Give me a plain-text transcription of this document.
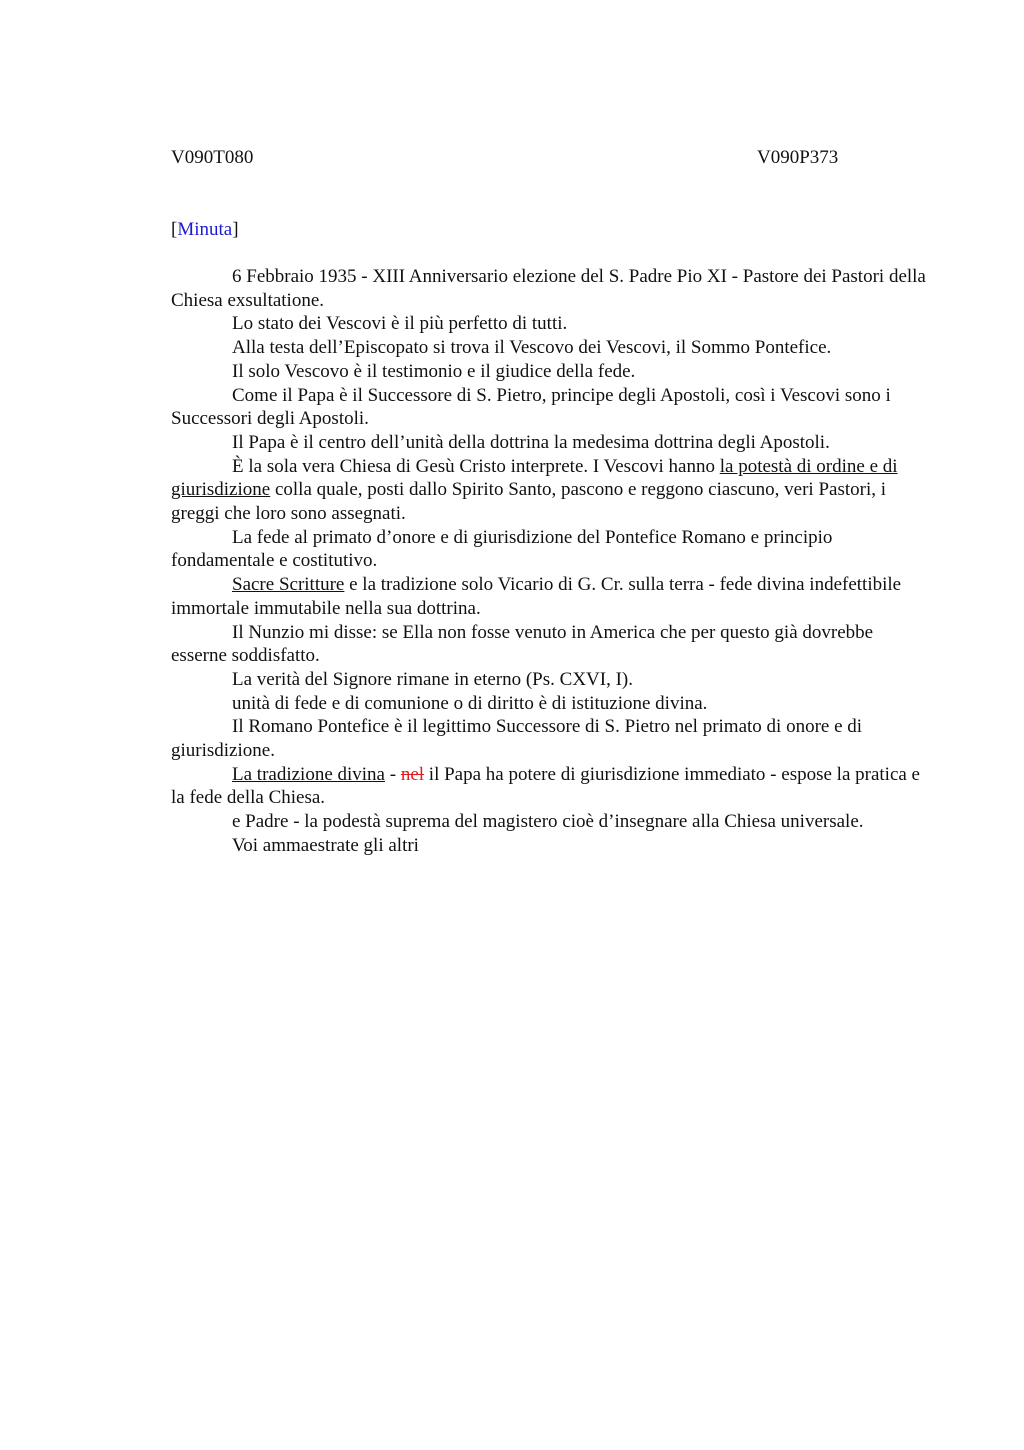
V090T080	V090P373
[Minuta]

6 Febbraio 1935 - XIII Anniversario elezione del S. Padre Pio XI - Pastore dei Pastori della Chiesa exsultatione.

Lo stato dei Vescovi è il più perfetto di tutti.

Alla testa dell’Episcopato si trova il Vescovo dei Vescovi, il Sommo Pontefice.

Il solo Vescovo è il testimonio e il giudice della fede.

Come il Papa è il Successore di S. Pietro, principe degli Apostoli, così i Vescovi sono i Successori degli Apostoli.

Il Papa è il centro dell’unità della dottrina la medesima dottrina degli Apostoli.

È la sola vera Chiesa di Gesù Cristo interprete. I Vescovi hanno la potestà di ordine e di giurisdizione colla quale, posti dallo Spirito Santo, pascono e reggono ciascuno, veri Pastori, i greggi che loro sono assegnati.

La fede al primato d’onore e di giurisdizione del Pontefice Romano e principio fondamentale e costitutivo.

Sacre Scritture e la tradizione solo Vicario di G. Cr. sulla terra - fede divina indefettibile immortale immutabile nella sua dottrina.

Il Nunzio mi disse: se Ella non fosse venuto in America che per questo già dovrebbe esserne soddisfatto.

La verità del Signore rimane in eterno (Ps. CXVI, I).

unità di fede e di comunione o di diritto è di istituzione divina.

Il Romano Pontefice è il legittimo Successore di S. Pietro nel primato di onore e di giurisdizione.

La tradizione divina - nel il Papa ha potere di giurisdizione immediato - espose la pratica e la fede della Chiesa.

e Padre - la podestà suprema del magistero cioè d’insegnare alla Chiesa universale.

Voi ammaestrate gli altri
